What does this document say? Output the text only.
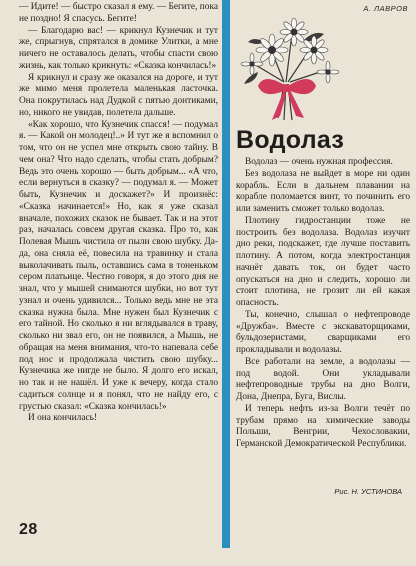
— Идите! — быстро сказал я ему. — Бегите, пока не поздно! Я спасусь. Бегите!

— Благодарю вас! — крикнул Кузнечик и тут же, спрыгнув, спрятался в домике Улитки, а мне ничего не оставалось делать, чтобы спасти свою жизнь, как только крикнуть: «Сказка кончилась!»

Я крикнул и сразу же оказался на дороге, и тут же мимо меня пролетела маленькая ласточка. Она покрутилась над Дудкой с пятью донтиками, но, никого не увидав, полетела дальше.

«Как хорошо, что Кузнечик спасся! — подумал я. — Какой он молодец!..» И тут же я вспомнил о том, что он не успел мне открыть свою тайну. В чем она? Что надо сделать, чтобы стать добрым? Ведь это очень хорошо — быть добрым... «А что, если вернуться в сказку? — подумал я. — Может быть, Кузнечик и доскажет?» И произнёс: «Сказка начинается!» Но, как я уже сказал вначале, похожих сказок не бывает. Так и на этот раз, началась совсем другая сказка. Про то, как Полевая Мышь чистила от пыли свою шубку. Да-да, она сняла её, повесила на травинку и стала выколачивать пыль, оставшись сама в тоненьком сером платьице. Честно говоря, я до этого дня не знал, что у мышей снимаются шубки, но вот тут узнал и очень удивился... Только ведь мне не эта сказка нужна была. Мне нужен был Кузнечик с его тайной. Но сколько я ни вглядывался в траву, сколько ни звал его, он не появился, а Мышь, не обращая на меня внимания, что-то напевала себе под нос и продолжала чистить свою шубку... Кузнечика же нигде не было. Я долго его искал, но так и не нашёл. И уже к вечеру, когда стало садиться солнце и я понял, что не найду его, с грустью сказал: «Сказка кончилась!»

И она кончилась!

28
А. ЛАВРОВ
Водолаз

Водолаз — очень нужная профессия.

Без водолаза не выйдет в море ни один корабль. Если в дальнем плавании на корабле поломается винт, то починить его или заменить сможет только водолаз.

Плотину гидростанции тоже не построить без водолаза. Водолаз изучит дно реки, подскажет, где лучше поставить плотину. А потом, когда электростанция начнёт давать ток, он будет часто опускаться на дно и следить, хорошо ли стоит плотина, не грозит ли ей какая опасность.

Ты, конечно, слышал о нефтепроводе «Дружба». Вместе с экскаваторщиками, бульдозеристами, сварщиками его прокладывали и водолазы.

Все работали на земле, а водолазы — под водой. Они укладывали нефтепроводные трубы на дно Волги, Дона, Днепра, Буга, Вислы.

И теперь нефть из-за Волги течёт по трубам прямо на химические заводы Польши, Венгрии, Чехословакии, Германской Демократической Республики.

Рис. Н. УСТИНОВА
